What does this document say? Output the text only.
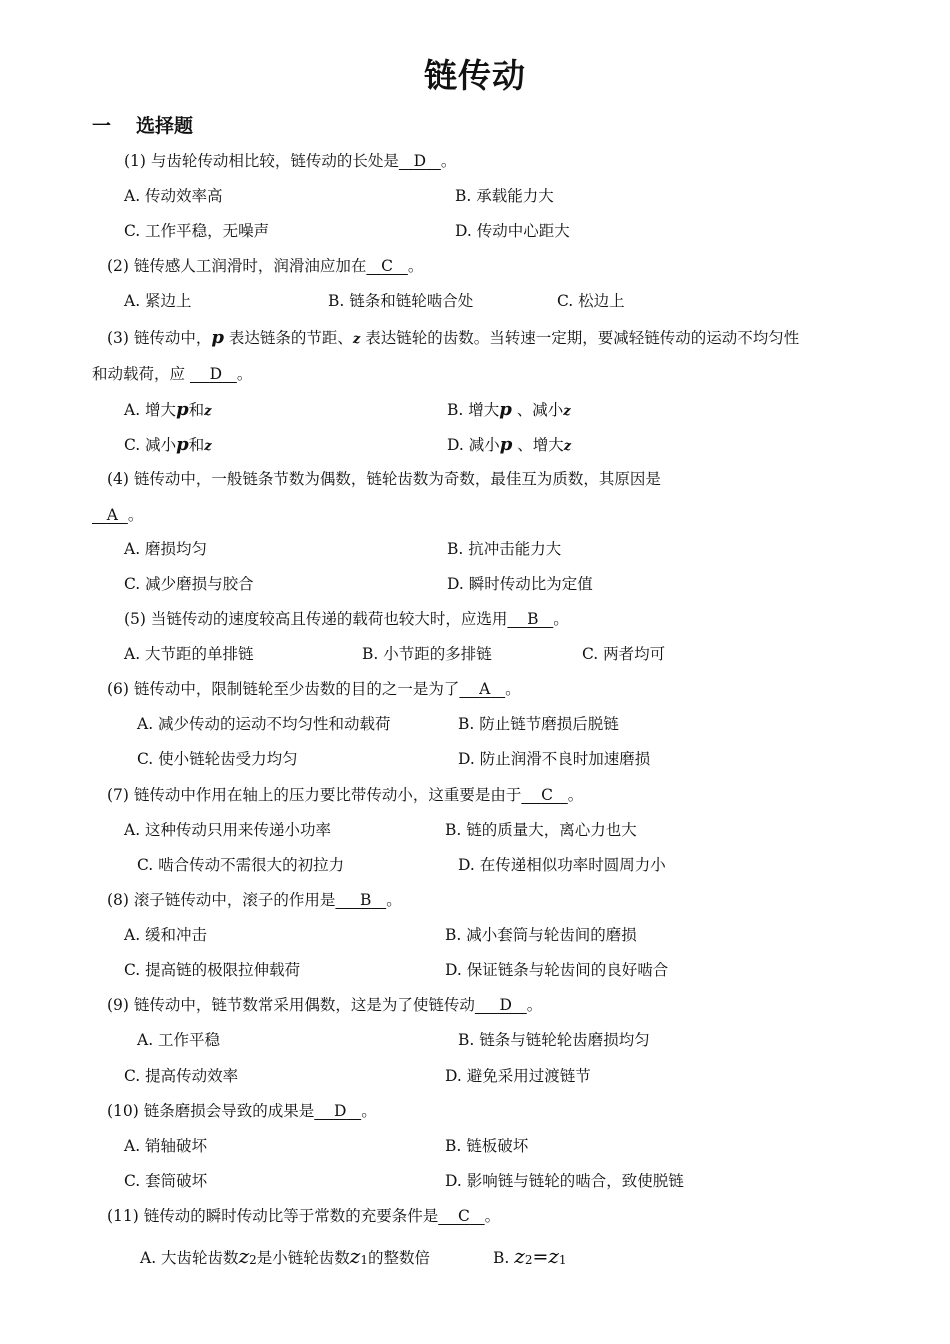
链传动
一 选择题
(1) 与齿轮传动相比较，链传动的长处是 D 。
A. 传动效率高	B. 承载能力大
C. 工作平稳，无噪声	D. 传动中心距大
(2) 链传感人工润滑时，润滑油应加在 C 。
A. 紧边上	B. 链条和链轮啮合处	C. 松边上
(3) 链传动中，p 表达链条的节距、z 表达链轮的齿数。当转速一定期，要减轻链传动的运动不均匀性
和动载荷，应     D 。
A. 增大p和z	B. 增大p 、减小z
C. 减小p和z	D. 减小p 、增大z
(4) 链传动中，一般链条节数为偶数，链轮齿数为奇数，最佳互为质数，其原因是
A 。
A. 磨损均匀	B. 抗冲击能力大
C. 减少磨损与胶合	D. 瞬时传动比为定值
(5) 当链传动的速度较高且传递的载荷也较大时，应选用 B 。
A. 大节距的单排链	B. 小节距的多排链	C. 两者均可
(6) 链传动中，限制链轮至少齿数的目的之一是为了 A 。
A. 减少传动的运动不均匀性和动载荷	B. 防止链节磨损后脱链
C. 使小链轮齿受力均匀	D. 防止润滑不良时加速磨损
(7) 链传动中作用在轴上的压力要比带传动小，这重要是由于 C 。
A. 这种传动只用来传递小功率	B. 链的质量大，离心力也大
C. 啮合传动不需很大的初拉力	D. 在传递相似功率时圆周力小
(8) 滚子链传动中，滚子的作用是 B 。
A. 缓和冲击	B. 减小套筒与轮齿间的磨损
C. 提高链的极限拉伸载荷	D. 保证链条与轮齿间的良好啮合
(9) 链传动中，链节数常采用偶数，这是为了使链传动 D 。
A. 工作平稳	B. 链条与链轮轮齿磨损均匀
C. 提高传动效率	D. 避免采用过渡链节
(10) 链条磨损会导致的成果是 D 。
A. 销轴破坏	B. 链板破坏
C. 套筒破坏	D. 影响链与链轮的啮合，致使脱链
(11) 链传动的瞬时传动比等于常数的充要条件是 C 。
A. 大齿轮齿数z2是小链轮齿数z1的整数倍	B. z2=z1
